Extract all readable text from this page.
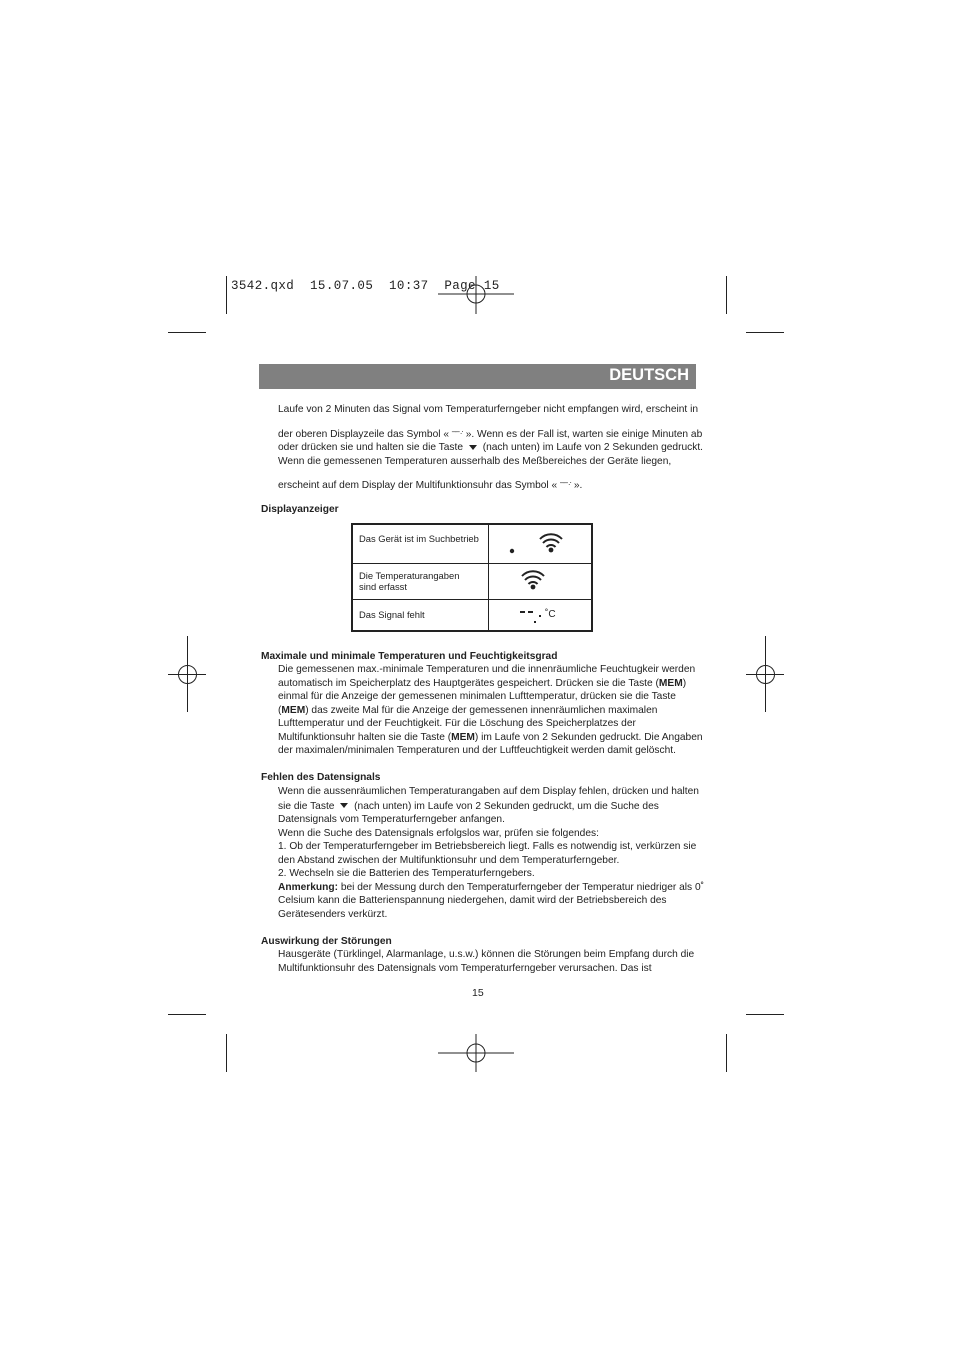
3542.qxd  15.07.05  10:37  Page 15
DEUTSCH
Laufe von 2 Minuten das Signal vom Temperaturferngeber nicht empfangen wird, erscheint in
der oberen Displayzeile das Symbol « ‒‒ .· ». Wenn es der Fall ist, warten sie einige Minuten ab
oder drücken sie und halten sie die Taste (nach unten) im Laufe von 2 Sekunden gedruckt.
Wenn die gemessenen Temperaturen ausserhalb des Meßbereiches der Geräte liegen,
erscheint auf dem Display der Multifunktionsuhr das Symbol « ‒‒ .· ».
Displayanzeiger
Das Gerät ist im Suchbetrieb	

Die Temperaturangaben
sind erfasst

Das Signal fehlt	˚C
Maximale und minimale Temperaturen und Feuchtigkeitsgrad
Die gemessenen max.-minimale Temperaturen und die innenräumliche Feuchtugkeir werden
automatisch im Speicherplatz des Hauptgerätes gespeichert. Drücken sie die Taste (MEM)
einmal für die Anzeige der gemessenen minimalen Lufttemperatur, drücken sie die Taste
(MEM) das zweite Mal für die Anzeige der gemessenen innenräumlichen maximalen
Lufttemperatur und der Feuchtigkeit. Für die Löschung des Speicherplatzes der
Multifunktionsuhr halten sie die Taste (MEM) im Laufe von 2 Sekunden gedruckt. Die Angaben
der maximalen/minimalen Temperaturen und der Luftfeuchtigkeit werden damit gelöscht.
Fehlen des Datensignals
Wenn die aussenräumlichen Temperaturangaben auf dem Display fehlen, drücken und halten
sie die Taste (nach unten) im Laufe von 2 Sekunden gedruckt, um die Suche des
Datensignals vom Temperaturferngeber anfangen.
Wenn die Suche des Datensignals erfolgslos war, prüfen sie folgendes:
1. Ob der Temperaturferngeber im Betriebsbereich liegt. Falls es notwendig ist, verkürzen sie
den Abstand zwischen der Multifunktionsuhr und dem Temperaturferngeber.
2. Wechseln sie die Batterien des Temperaturferngebers.
Anmerkung: bei der Messung durch den Temperaturferngeber der Temperatur niedriger als 0˚
Celsium kann die Batterienspannung niedergehen, damit wird der Betriebsbereich des
Gerätesenders verkürzt.
Auswirkung der Störungen
Hausgeräte (Türklingel, Alarmanlage, u.s.w.) können die Störungen beim Empfang durch die
Multifunktionsuhr des Datensignals vom Temperaturferngeber verursachen. Das ist
15
